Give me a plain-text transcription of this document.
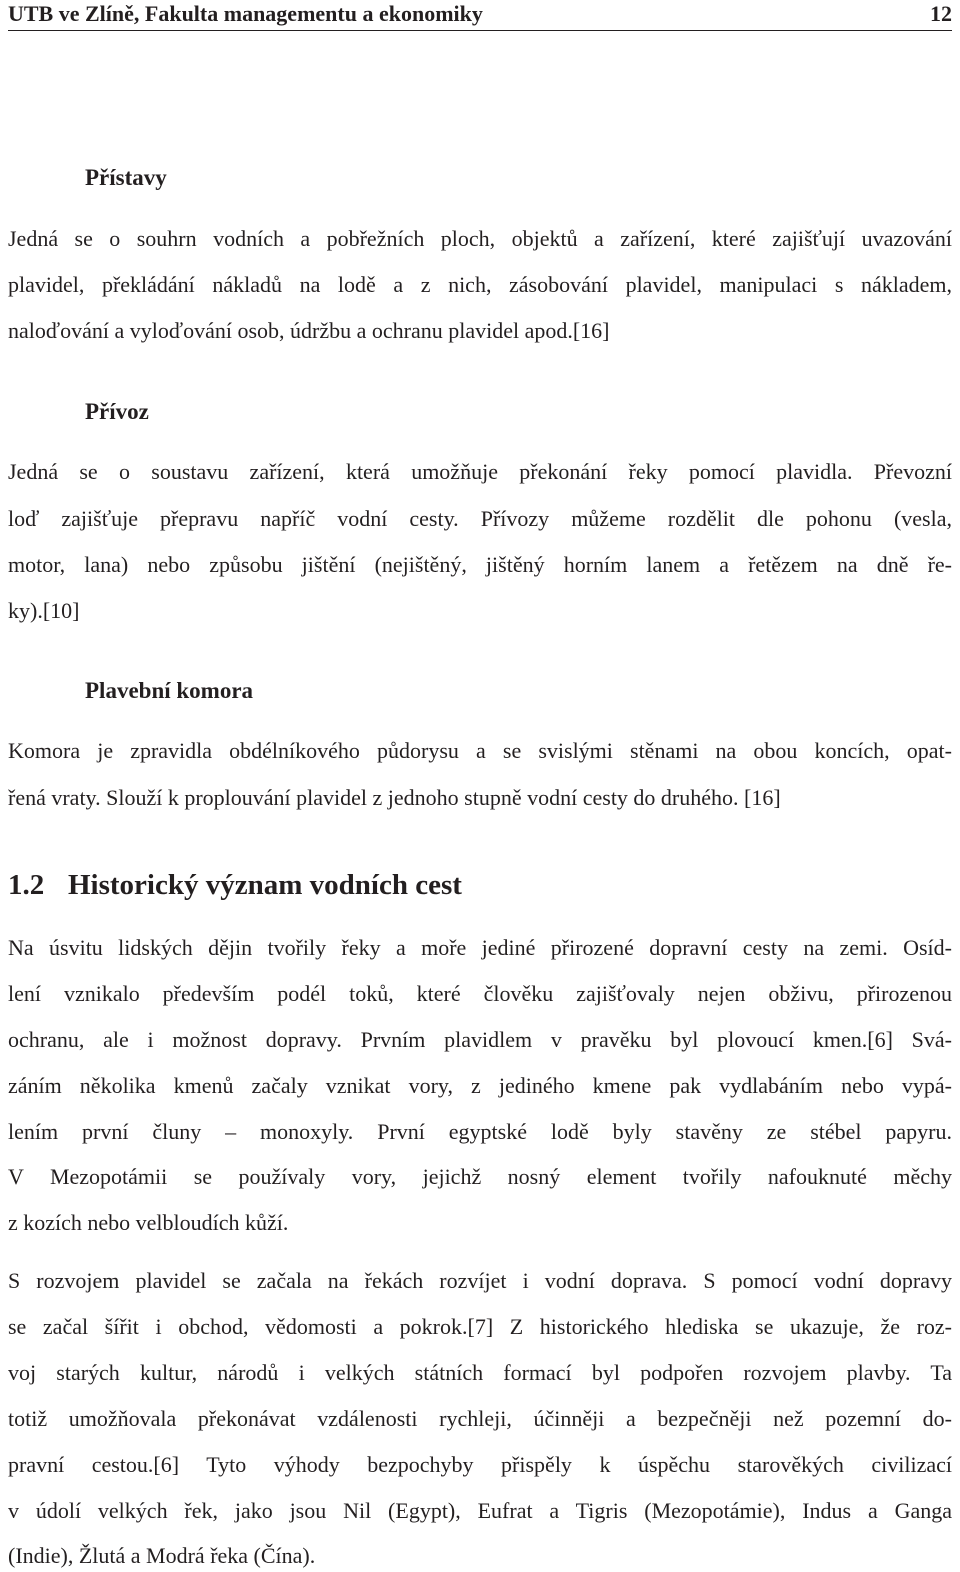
UTB ve Zlíně, Fakulta managementu a ekonomiky	12
Přístavy
Jedná se o souhrn vodních a pobřežních ploch, objektů a zařízení, které zajišťují uvazování
plavidel, překládání nákladů na lodě a z nich, zásobování plavidel, manipulaci s nákladem,
naloďování a vyloďování osob, údržbu a ochranu plavidel apod.[16]
Přívoz
Jedná se o soustavu zařízení, která umožňuje překonání řeky pomocí plavidla. Převozní
loď zajišťuje přepravu napříč vodní cesty. Přívozy můžeme rozdělit dle pohonu (vesla,
motor, lana) nebo způsobu jištění (nejištěný, jištěný horním lanem a řetězem na dně ře-
ky).[10]
Plavební komora
Komora je zpravidla obdélníkového půdorysu a se svislými stěnami na obou koncích, opat-
řená vraty. Slouží k proplouvání plavidel z jednoho stupně vodní cesty do druhého. [16]
1.2 Historický význam vodních cest
Na úsvitu lidských dějin tvořily řeky a moře jediné přirozené dopravní cesty na zemi. Osíd-
lení vznikalo především podél toků, které člověku zajišťovaly nejen obživu, přirozenou
ochranu, ale i možnost dopravy. Prvním plavidlem v pravěku byl plovoucí kmen.[6] Svá-
záním několika kmenů začaly vznikat vory, z jediného kmene pak vydlabáním nebo vypá-
lením první čluny – monoxyly. První egyptské lodě byly stavěny ze stébel papyru.
V Mezopotámii se používaly vory, jejichž nosný element tvořily nafouknuté měchy
z kozích nebo velbloudích kůží.
S rozvojem plavidel se začala na řekách rozvíjet i vodní doprava. S pomocí vodní dopravy
se začal šířit i obchod, vědomosti a pokrok.[7] Z historického hlediska se ukazuje, že roz-
voj starých kultur, národů i velkých státních formací byl podpořen rozvojem plavby. Ta
totiž umožňovala překonávat vzdálenosti rychleji, účinněji a bezpečněji než pozemní do-
pravní cestou.[6] Tyto výhody bezpochyby přispěly k úspěchu starověkých civilizací
v údolí velkých řek, jako jsou Nil (Egypt), Eufrat a Tigris (Mezopotámie), Indus a Ganga
(Indie), Žlutá a Modrá řeka (Čína).
